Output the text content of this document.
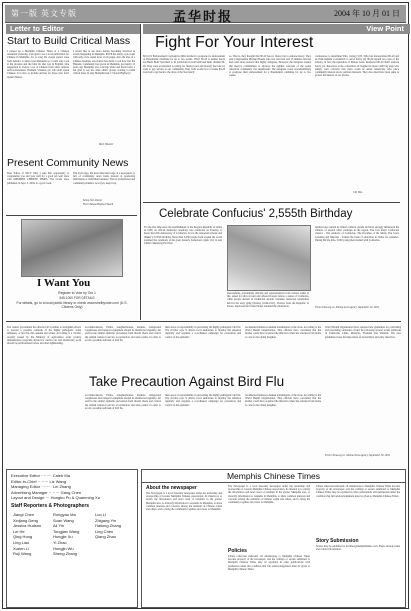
第一版 英文专版	孟华时报	2004 年 10 月 01 日
Letter to Editor	View Point
Start to Build Critical Mass
I picked up a Memphis Chinese Times at a Chinese restaurant yesterday. I am glad to see a local publication for Chinese in Memphis, for so long the closest papers were from Atlanta. I cannot read Mandarin so I could only look at the pictures and the little bit that was in English. One suggestion is I know a lot of Chinese from other cultures such as Indonesia, Thailand, Vietnam, etc. who don't speak Chinese. It is nice to include articles for those who don't speak Chinese.
I would like to see more Asians becoming involved in events happening in Memphis. RSVP has many a job event with only a few Asian faces on its pages. Also the idea of a Chinese business association has merit. Look how fast the Hispanic community has grown in Memphis, just barely 15 years ago Memphis was a mostly white and black town. I am glad to see the other ethnic groups starting to build critical mass. If only Memphis had a "Global Highway".
Brett Wheeler
Present Community News
Dear Editor of MCT: May I take this opportunity to congratulate you and your staff for a good job well done with MEMPHIS CHINESE TIMES. The recent issue published on Sept. 3, 2004, is a good work.
The front page, the most important page of a newspaper, is full of community news items instead of promoting individuals or individual business. That is professional and community-minded. Good job, keep it up.
Kenny Yeh, Pastor
First Chinese Baptist Church
I Want You
Register to Vote by Oct 1
545-1000 FOR DETAILS
For details, go to a local public library or check www.shelbyvote.com (U.S. Citizens Only)
Fight For Your Interest
80-0-5% Endorsement Convention 2004 decided to postpone its endorsement of Presidential candidate for up to two weeks. Why? 80-20 is neither Kerry nor Bush. Both 'Switched' to its politicians in both GOP and Dem. distlike 80-20. They were accustomed to eating our funds (votes and money) free but not want to pay service to our community. They both would love to make 80-20 look bad to get back to the days of the 'free lunch'.
so. That is, they thought that 80-20 has no choice but to endorse Kerry. They sent Congressman Michael Honda who was one hour and 15 minutes late but had come more endorse that highly delegates. However, the delegates sensed that Kerry's commitment to advance the rightful concerns of the Asian American community was insufficient. The delegates voted overwhelmingly to postpone their endorsement for a Presidential candidate for up to two weeks.
conferences to determine Who, voting (3) B. Who has monopolized 80-20 and its Endorsement Convention to serve Kerry (2) 80-20 should not even of the Library, in fact, the reputation of Illinois Gene. Respected 80-20 didn't endorse Kerry yet. Reporters at the convention all laughed in those GOP big wigs who simply can't conceive that there could be Asian Americans who place community interest above partisan interests. They also must have been quite in protect the interest of our parties.
S.B. Woo
Celebrate Confucius' 2,555th Birthday
For the first time since the establishment of the People's Republic of China in 1949, an official memorial ceremony was conducted on Tuesday to honor the birth anniversary of Confucius. It was the renowned scholar and thinker's 2,555th birthday. More than 3,000 people from around the world attended the ceremony at the great master's hometown, Qufu City in east China's Shandong Province.
Descendants, government officials and representatives from various walks of life, asked for alive in turn and offered flowers before a statue of Confucius, while people dressed in traditional ancient costumes reenacted ceremonies held in the early Qing Dynasty (1644-1911). Visitors from the Republic of Korea, Japan and the United States attended the celebration.
spiritual ties centred in China's cultural system and have strongly influenced the cultures of several other countries in the region. The four major Confucian classics - The Analects of Confucius, The Doctrine of the Mean, The Great Learning and Mencius - formed the basis of education in China for centuries. During his life time, 3,000 young men studied with Confucius.
From china.org.cn, Xinhua news agency, September 29, 2004
The central government has directed all localities to strengthen efforts to prevent a possible outbreak of the highly pathogenic avian influenza, or bird flu, this autumn and winter. According to a circular recently issued by the Ministry of Agriculture, strict poultry immunization programs should be carried out and monitoring work should be particularized before and after lightheading.
accommodations. Farms, slaughterhouses, markets, refrigerated warehouses and transport equipment should be disinfected regularly. All staff in the animal epidemic prevention field should check and control the animal transport service at production and sales points, in order to avoid a possible outbreak of bird flu.
their areas of responsibility in preventing the highly pathogenic bird flu. The circular says 'it directs local authorities to monitor the situation regularly and organize a coordinated campaign for prevention and control of the epidemic.'
documented human-to-human transmission of the virus. According to the World Health Organization, Thai officials have concluded that the mother could have acquired the infection when she returned from home to care for her dying daughter.
World Health Organization have released new guidelines for controlling and preventing outbreaks of bird flu following several recent outbreaks in Cambodia, China, Malaysia, Thailand and Vietnam. The new guidelines stress the importance of surveillance and early detection.
Take Precaution Against Bird Flu
accommodations. Farms, slaughterhouses, markets, refrigerated warehouses and transport equipment should be disinfected regularly. All staff in the animal epidemic prevention field should check and control the animal transport service at production and sales points, in order to avoid a possible outbreak of bird flu.
their areas of responsibility in preventing the highly pathogenic bird flu. The circular says 'it directs local authorities to monitor the situation regularly and organize a coordinated campaign for prevention and control of the epidemic.'
documented human-to-human transmission of the virus. According to the World Health Organization, Thai officials have concluded that the mother could have acquired the infection when she returned from home to care for her dying daughter.
From China.org.cn, Xinhua News agency, September 30, 2004
Executive Editor ········ Caleb Ma
Editor-in-Chief ········ Liz Wang
Managing Editor ········ Lei Zhang
Advertising Manager ········ Gang Chen
Layout and Design ··· Hongbo Pu & Quanming Xu
Staff Reporters & Photographers
Jiangi Chen
Xinjiang Deng
Jessica Hudson
Lei He
Qing Hong
Ling Liao
Xueen Li
Ruji Wang
Rongyao Ma
Suan Wang
Ali Yin
Tongjian Wang
Hongjie Xu
Yi Zhao
Hongjin Wu
Sheng Zhang
Luo Li
Zhigang Yin
Hailong Zhang
Ling Chen
Qiang Zhao
Memphis Chinese Times
About the newspaper
The Newspaper is a local biweekly newspaper under the leadership and sponsorship of Greater Memphis Chinese Association. Its mission is to satisfy the information and news need of residents in the greater Memphis area, to diversify information to residents in Memphis, to share common interests and concerns among the residents of Chinese origin and others, and to bring the community together and closer to Memphis.
The Newspaper is a local biweekly newspaper under the leadership and sponsorship of Greater Memphis Chinese Association. Its mission is to satisfy the information and news need of residents in the greater Memphis area, to diversify information to residents in Memphis, to share common interests and concerns among the residents of Chinese origin and others, and to bring the community together and closer to Memphis.
Policies
Unless otherwise indicated, all submissions to Memphis Chinese Times become property of the newspaper, and the writings or stories submitted to Memphis Chinese Times may be reprinted in other publications with permission under the condition that full acknowledgement must be given to Memphis Chinese Times.
Unless otherwise indicated, all submissions to Memphis Chinese Times become property of the newspaper, and the writings or stories submitted to Memphis Chinese Times may be reprinted in other publications with permission under the condition that full acknowledgement must be given to Memphis Chinese Times.
Story Submission
Stories may be submitted to mctimes@memphistimes.com. Please include name and contact information.
